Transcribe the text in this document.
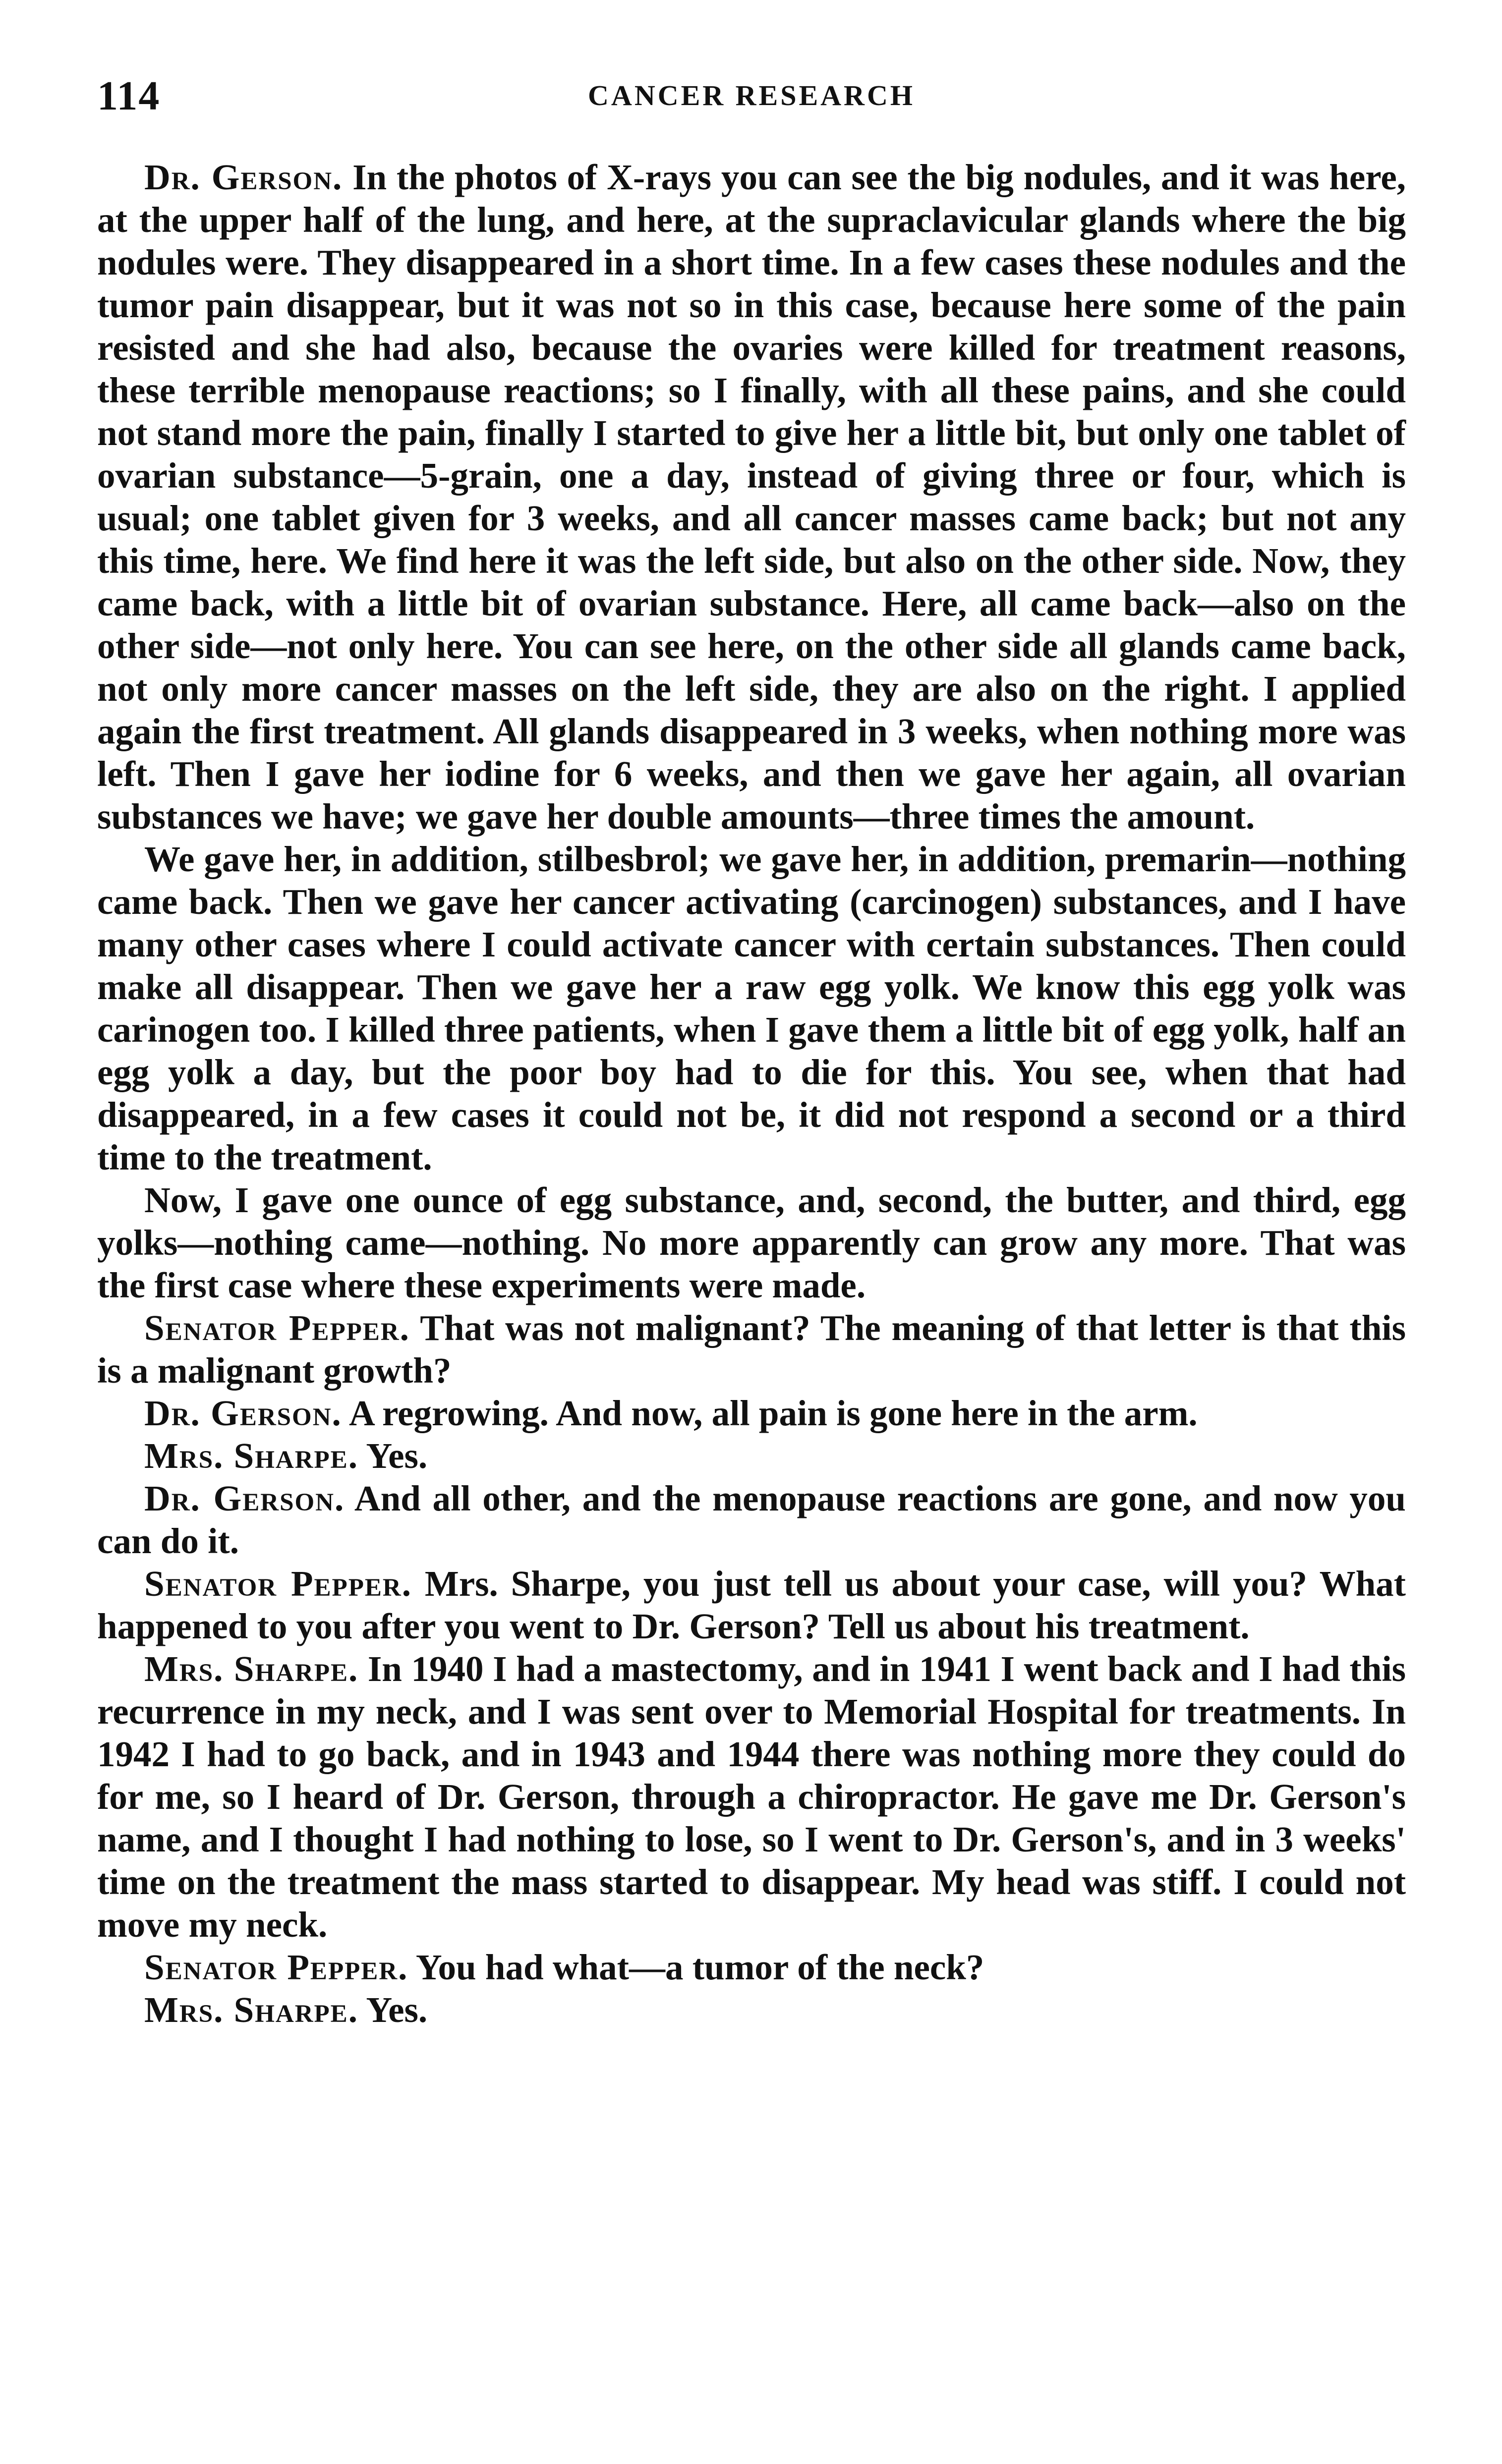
114	CANCER RESEARCH

Dr. Gerson. In the photos of X-rays you can see the big nodules, and it was here, at the upper half of the lung, and here, at the supraclavicular glands where the big nodules were. They disappeared in a short time. In a few cases these nodules and the tumor pain disappear, but it was not so in this case, because here some of the pain resisted and she had also, because the ovaries were killed for treatment reasons, these terrible menopause reactions; so I finally, with all these pains, and she could not stand more the pain, finally I started to give her a little bit, but only one tablet of ovarian substance—5-grain, one a day, instead of giving three or four, which is usual; one tablet given for 3 weeks, and all cancer masses came back; but not any this time, here. We find here it was the left side, but also on the other side. Now, they came back, with a little bit of ovarian substance. Here, all came back—also on the other side—not only here. You can see here, on the other side all glands came back, not only more cancer masses on the left side, they are also on the right. I applied again the first treatment. All glands disappeared in 3 weeks, when nothing more was left. Then I gave her iodine for 6 weeks, and then we gave her again, all ovarian substances we have; we gave her double amounts—three times the amount.

We gave her, in addition, stilbesbrol; we gave her, in addition, premarin—nothing came back. Then we gave her cancer activating (carcinogen) substances, and I have many other cases where I could activate cancer with certain substances. Then could make all disappear. Then we gave her a raw egg yolk. We know this egg yolk was carinogen too. I killed three patients, when I gave them a little bit of egg yolk, half an egg yolk a day, but the poor boy had to die for this. You see, when that had disappeared, in a few cases it could not be, it did not respond a second or a third time to the treatment.

Now, I gave one ounce of egg substance, and, second, the butter, and third, egg yolks—nothing came—nothing. No more apparently can grow any more. That was the first case where these experiments were made.

Senator Pepper. That was not malignant? The meaning of that letter is that this is a malignant growth?

Dr. Gerson. A regrowing. And now, all pain is gone here in the arm.

Mrs. Sharpe. Yes.

Dr. Gerson. And all other, and the menopause reactions are gone, and now you can do it.

Senator Pepper. Mrs. Sharpe, you just tell us about your case, will you? What happened to you after you went to Dr. Gerson? Tell us about his treatment.

Mrs. Sharpe. In 1940 I had a mastectomy, and in 1941 I went back and I had this recurrence in my neck, and I was sent over to Memorial Hospital for treatments. In 1942 I had to go back, and in 1943 and 1944 there was nothing more they could do for me, so I heard of Dr. Gerson, through a chiropractor. He gave me Dr. Gerson's name, and I thought I had nothing to lose, so I went to Dr. Gerson's, and in 3 weeks' time on the treatment the mass started to disappear. My head was stiff. I could not move my neck.

Senator Pepper. You had what—a tumor of the neck?

Mrs. Sharpe. Yes.
